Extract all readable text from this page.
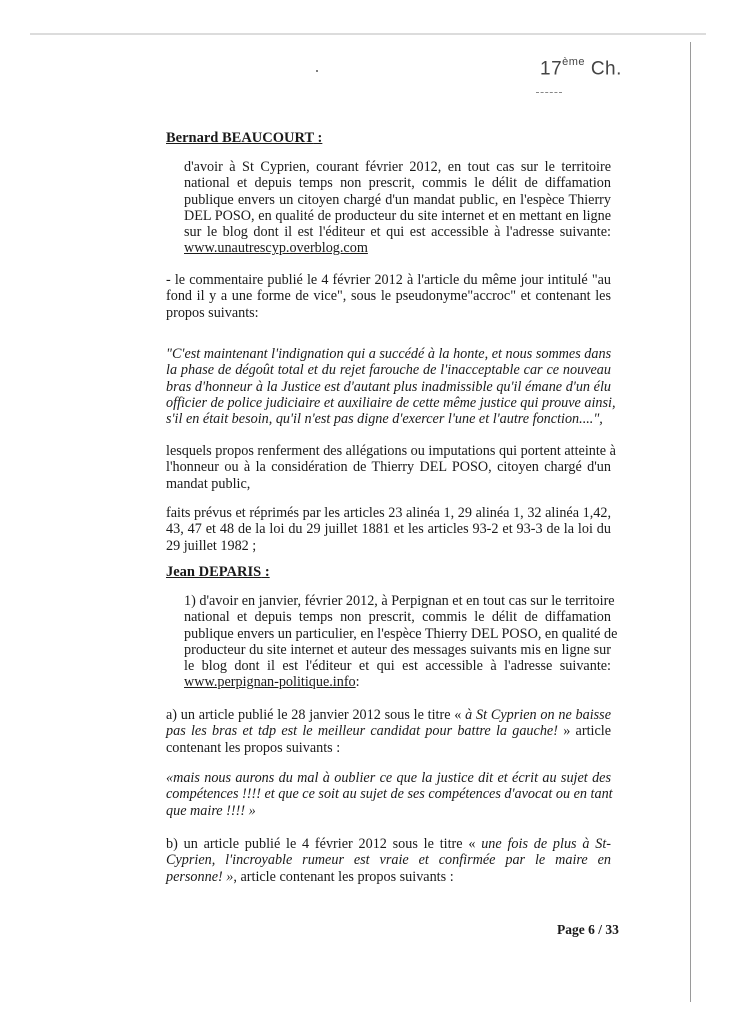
17ème Ch.

Bernard BEAUCOURT :

d'avoir à St Cyprien, courant février 2012, en tout cas sur le territoire
national et depuis temps non prescrit, commis le délit de diffamation
publique envers un citoyen chargé d'un mandat public, en l'espèce Thierry
DEL POSO, en qualité de producteur du site internet et en mettant en ligne
sur le blog dont il est l'éditeur et qui est accessible à l'adresse suivante:
www.unautrescyp.overblog.com
- le commentaire publié le 4 février 2012 à l'article du même jour intitulé "au
fond il y a une forme de vice", sous le pseudonyme"accroc" et contenant les
propos suivants:
"C'est maintenant l'indignation qui a succédé à la honte, et nous sommes dans
la phase de dégoût total et du rejet farouche de l'inacceptable car ce nouveau
bras d'honneur à la Justice est d'autant plus inadmissible qu'il émane d'un élu
officier de police judiciaire et auxiliaire de cette même justice qui prouve ainsi,
s'il en était besoin, qu'il n'est pas digne d'exercer l'une et l'autre fonction....",
lesquels propos renferment des allégations ou imputations qui portent atteinte à
l'honneur ou à la considération de Thierry DEL POSO, citoyen chargé d'un
mandat public,
faits prévus et réprimés par les articles 23 alinéa 1, 29 alinéa 1, 32 alinéa 1,42,
43, 47 et 48 de la loi du 29 juillet 1881 et les articles 93-2 et 93-3 de la loi du
29 juillet 1982 ;

Jean DEPARIS :

1) d'avoir en janvier, février 2012, à Perpignan et en tout cas sur le territoire
national et depuis temps non prescrit, commis le délit de diffamation
publique envers un particulier, en l'espèce Thierry DEL POSO, en qualité de
producteur du site internet et auteur des messages suivants mis en ligne sur
le blog dont il est l'éditeur et qui est accessible à l'adresse suivante:
www.perpignan-politique.info:
a) un article publié le 28 janvier 2012 sous le titre « à St Cyprien on ne baisse
pas les bras et tdp est le meilleur candidat pour battre la gauche! » article
contenant les propos suivants :
«mais nous aurons du mal à oublier ce que la justice dit et écrit au sujet des
compétences !!!! et que ce soit au sujet de ses compétences d'avocat ou en tant
que maire !!!! »
b) un article publié le 4 février 2012 sous le titre « une fois de plus à St-
Cyprien, l'incroyable rumeur est vraie et confirmée par le maire en
personne! », article contenant les propos suivants :
Page 6 / 33
